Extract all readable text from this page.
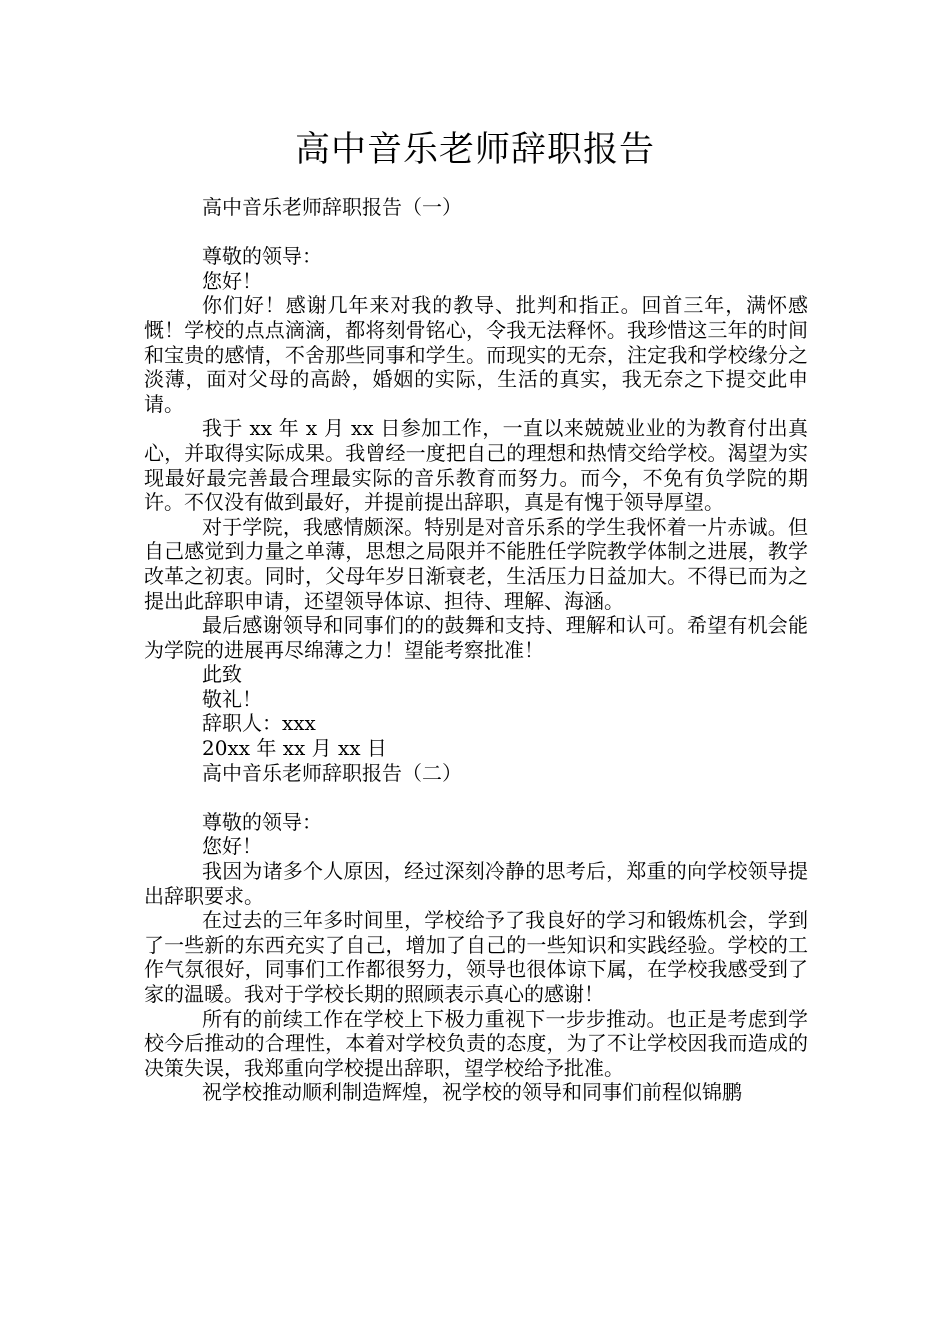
高中音乐老师辞职报告

高中音乐老师辞职报告（一）

尊敬的领导：

您好！

你们好！感谢几年来对我的教导、批判和指正。回首三年，满怀感慨！学校的点点滴滴，都将刻骨铭心，令我无法释怀。我珍惜这三年的时间和宝贵的感情，不舍那些同事和学生。而现实的无奈，注定我和学校缘分之淡薄，面对父母的高龄，婚姻的实际，生活的真实，我无奈之下提交此申请。

我于 xx 年 x 月 xx 日参加工作，一直以来兢兢业业的为教育付出真心，并取得实际成果。我曾经一度把自己的理想和热情交给学校。渴望为实现最好最完善最合理最实际的音乐教育而努力。而今，不免有负学院的期许。不仅没有做到最好，并提前提出辞职，真是有愧于领导厚望。

对于学院，我感情颇深。特别是对音乐系的学生我怀着一片赤诚。但自己感觉到力量之单薄，思想之局限并不能胜任学院教学体制之进展，教学改革之初衷。同时，父母年岁日渐衰老，生活压力日益加大。不得已而为之提出此辞职申请，还望领导体谅、担待、理解、海涵。

最后感谢领导和同事们的的鼓舞和支持、理解和认可。希望有机会能为学院的进展再尽绵薄之力！望能考察批准！

此致

敬礼！

辞职人：xxx

20xx 年 xx 月 xx 日

高中音乐老师辞职报告（二）

尊敬的领导：

您好！

我因为诸多个人原因，经过深刻冷静的思考后，郑重的向学校领导提出辞职要求。

在过去的三年多时间里，学校给予了我良好的学习和锻炼机会，学到了一些新的东西充实了自己，增加了自己的一些知识和实践经验。学校的工作气氛很好，同事们工作都很努力，领导也很体谅下属，在学校我感受到了家的温暖。我对于学校长期的照顾表示真心的感谢！

所有的前续工作在学校上下极力重视下一步步推动。也正是考虑到学校今后推动的合理性，本着对学校负责的态度，为了不让学校因我而造成的决策失误，我郑重向学校提出辞职，望学校给予批准。

祝学校推动顺利制造辉煌，祝学校的领导和同事们前程似锦鹏
